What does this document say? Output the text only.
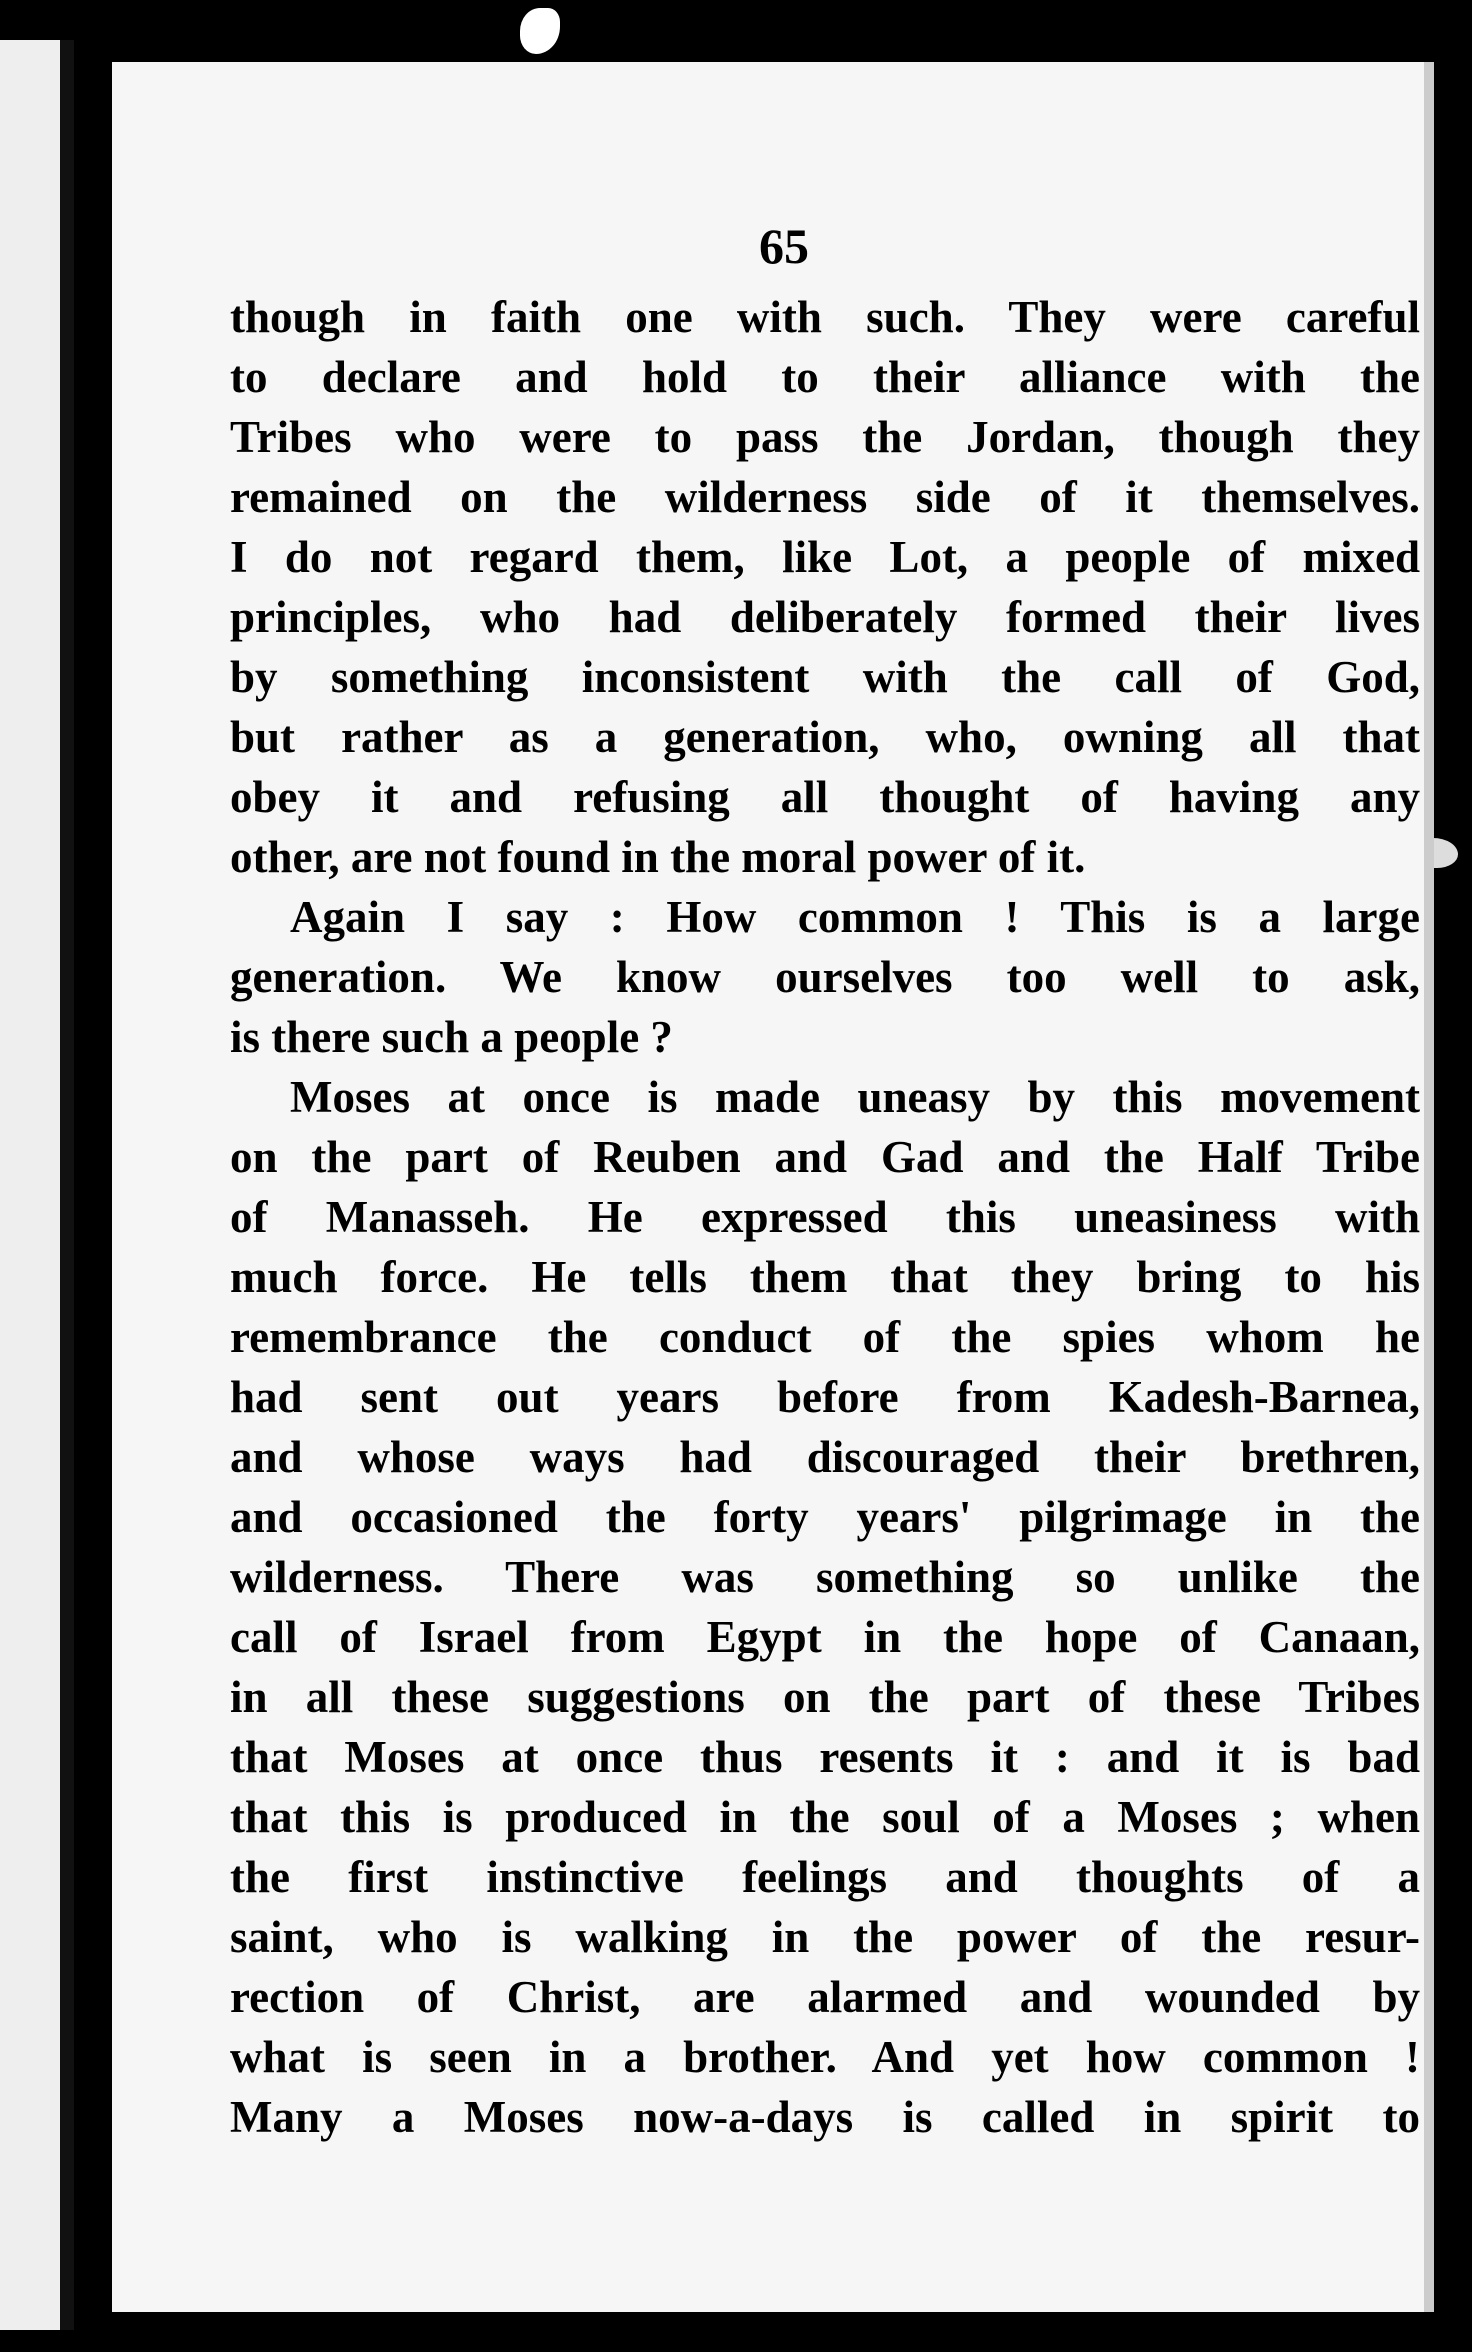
65
though in faith one with such. They were careful
to declare and hold to their alliance with the
Tribes who were to pass the Jordan, though they
remained on the wilderness side of it themselves.
I do not regard them, like Lot, a people of mixed
principles, who had deliberately formed their lives
by something inconsistent with the call of God,
but rather as a generation, who, owning all that
obey it and refusing all thought of having any
other, are not found in the moral power of it.
Again I say : How common ! This is a large
generation. We know ourselves too well to ask,
is there such a people ?
Moses at once is made uneasy by this movement
on the part of Reuben and Gad and the Half Tribe
of Manasseh. He expressed this uneasiness with
much force. He tells them that they bring to his
remembrance the conduct of the spies whom he
had sent out years before from Kadesh-Barnea,
and whose ways had discouraged their brethren,
and occasioned the forty years' pilgrimage in the
wilderness. There was something so unlike the
call of Israel from Egypt in the hope of Canaan,
in all these suggestions on the part of these Tribes
that Moses at once thus resents it : and it is bad
that this is produced in the soul of a Moses ; when
the first instinctive feelings and thoughts of a
saint, who is walking in the power of the resur-
rection of Christ, are alarmed and wounded by
what is seen in a brother. And yet how common !
Many a Moses now-a-days is called in spirit to
